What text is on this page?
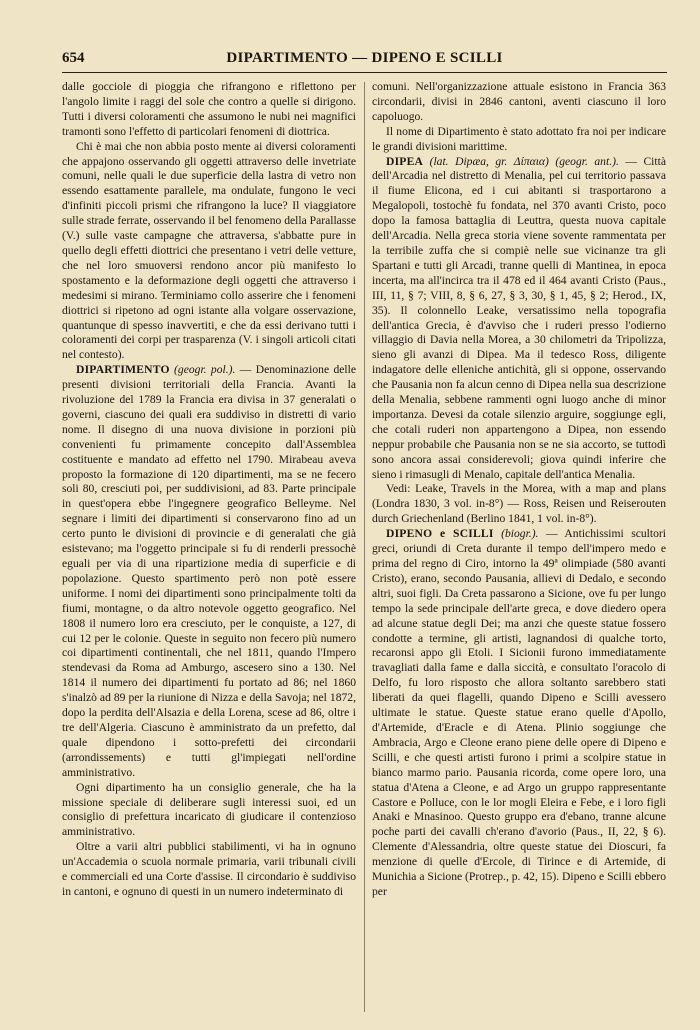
654	DIPARTIMENTO — DIPENO E SCILLI

dalle gocciole di pioggia che rifrangono e riflettono per l'angolo limite i raggi del sole che contro a quelle si dirigono. Tutti i diversi coloramenti che assumono le nubi nei magnifici tramonti sono l'effetto di particolari fenomeni di diottrica.

Chi è mai che non abbia posto mente ai diversi coloramenti che appajono osservando gli oggetti attraverso delle invetriate comuni, nelle quali le due superficie della lastra di vetro non essendo esattamente parallele, ma ondulate, fungono le veci d'infiniti piccoli prismi che rifrangono la luce? Il viaggiatore sulle strade ferrate, osservando il bel fenomeno della Parallasse (V.) sulle vaste campagne che attraversa, s'abbatte pure in quello degli effetti diottrici che presentano i vetri delle vetture, che nel loro smuoversi rendono ancor più manifesto lo spostamento e la deformazione degli oggetti che attraverso i medesimi si mirano. Terminiamo collo asserire che i fenomeni diottrici si ripetono ad ogni istante alla volgare osservazione, quantunque di spesso inavvertiti, e che da essi derivano tutti i coloramenti dei corpi per trasparenza (V. i singoli articoli citati nel contesto).

DIPARTIMENTO (geogr. pol.). — Denominazione delle presenti divisioni territoriali della Francia. Avanti la rivoluzione del 1789 la Francia era divisa in 37 generalati o governi, ciascuno dei quali era suddiviso in distretti di vario nome. Il disegno di una nuova divisione in porzioni più convenienti fu primamente concepito dall'Assemblea costituente e mandato ad effetto nel 1790. Mirabeau aveva proposto la formazione di 120 dipartimenti, ma se ne fecero soli 80, cresciuti poi, per suddivisioni, ad 83. Parte principale in quest'opera ebbe l'ingegnere geografico Belleyme. Nel segnare i limiti dei dipartimenti si conservarono fino ad un certo punto le divisioni di provincie e di generalati che già esistevano; ma l'oggetto principale si fu di renderli pressochè eguali per via di una ripartizione media di superficie e di popolazione. Questo spartimento però non potè essere uniforme. I nomi dei dipartimenti sono principalmente tolti da fiumi, montagne, o da altro notevole oggetto geografico. Nel 1808 il numero loro era cresciuto, per le conquiste, a 127, di cui 12 per le colonie. Queste in seguito non fecero più numero coi dipartimenti continentali, che nel 1811, quando l'Impero stendevasi da Roma ad Amburgo, ascesero sino a 130. Nel 1814 il numero dei dipartimenti fu portato ad 86; nel 1860 s'inalzò ad 89 per la riunione di Nizza e della Savoja; nel 1872, dopo la perdita dell'Alsazia e della Lorena, scese ad 86, oltre i tre dell'Algeria. Ciascuno è amministrato da un prefetto, dal quale dipendono i sotto-prefetti dei circondarii (arrondissements) e tutti gl'impiegati nell'ordine amministrativo.

Ogni dipartimento ha un consiglio generale, che ha la missione speciale di deliberare sugli interessi suoi, ed un consiglio di prefettura incaricato di giudicare il contenzioso amministrativo.

Oltre a varii altri pubblici stabilimenti, vi ha in ognuno un'Accademia o scuola normale primaria, varii tribunali civili e commerciali ed una Corte d'assise. Il circondario è suddiviso in cantoni, e ognuno di questi in un numero indeterminato di

comuni. Nell'organizzazione attuale esistono in Francia 363 circondarii, divisi in 2846 cantoni, aventi ciascuno il loro capoluogo.

Il nome di Dipartimento è stato adottato fra noi per indicare le grandi divisioni marittime.

DIPEA (lat. Dipæa, gr. Δίπαια) (geogr. ant.). — Città dell'Arcadia nel distretto di Menalia, pel cui territorio passava il fiume Elicona, ed i cui abitanti si trasportarono a Megalopoli, tostochè fu fondata, nel 370 avanti Cristo, poco dopo la famosa battaglia di Leuttra, questa nuova capitale dell'Arcadia. Nella greca storia viene sovente rammentata per la terribile zuffa che si compiè nelle sue vicinanze tra gli Spartani e tutti gli Arcadi, tranne quelli di Mantinea, in epoca incerta, ma all'incirca tra il 478 ed il 464 avanti Cristo (Paus., III, 11, § 7; VIII, 8, § 6, 27, § 3, 30, § 1, 45, § 2; Herod., IX, 35). Il colonnello Leake, versatissimo nella topografia dell'antica Grecia, è d'avviso che i ruderi presso l'odierno villaggio di Davia nella Morea, a 30 chilometri da Tripolizza, sieno gli avanzi di Dipea. Ma il tedesco Ross, diligente indagatore delle elleniche antichità, gli si oppone, osservando che Pausania non fa alcun cenno di Dipea nella sua descrizione della Menalia, sebbene rammenti ogni luogo anche di minor importanza. Devesi da cotale silenzio arguire, soggiunge egli, che cotali ruderi non appartengono a Dipea, non essendo neppur probabile che Pausania non se ne sia accorto, se tuttodì sono ancora assai considerevoli; giova quindi inferire che sieno i rimasugli di Menalo, capitale dell'antica Menalia.

Vedi: Leake, Travels in the Morea, with a map and plans (Londra 1830, 3 vol. in-8°) — Ross, Reisen und Reiserouten durch Griechenland (Berlino 1841, 1 vol. in-8°).

DIPENO e SCILLI (biogr.). — Antichissimi scultori greci, oriundi di Creta durante il tempo dell'impero medo e prima del regno di Ciro, intorno la 49ª olimpiade (580 avanti Cristo), erano, secondo Pausania, allievi di Dedalo, e secondo altri, suoi figli. Da Creta passarono a Sicione, ove fu per lungo tempo la sede principale dell'arte greca, e dove diedero opera ad alcune statue degli Dei; ma anzi che queste statue fossero condotte a termine, gli artisti, lagnandosi di qualche torto, recaronsi appo gli Etoli. I Sicionii furono immediatamente travagliati dalla fame e dalla siccità, e consultato l'oracolo di Delfo, fu loro risposto che allora soltanto sarebbero stati liberati da quei flagelli, quando Dipeno e Scilli avessero ultimate le statue. Queste statue erano quelle d'Apollo, d'Artemide, d'Eracle e di Atena. Plinio soggiunge che Ambracia, Argo e Cleone erano piene delle opere di Dipeno e Scilli, e che questi artisti furono i primi a scolpire statue in bianco marmo pario. Pausania ricorda, come opere loro, una statua d'Atena a Cleone, e ad Argo un gruppo rappresentante Castore e Polluce, con le lor mogli Eleira e Febe, e i loro figli Anaki e Mnasinoo. Questo gruppo era d'ebano, tranne alcune poche parti dei cavalli ch'erano d'avorio (Paus., II, 22, § 6). Clemente d'Alessandria, oltre queste statue dei Dioscuri, fa menzione di quelle d'Ercole, di Tirince e di Artemide, di Munichia a Sicione (Protrep., p. 42, 15). Dipeno e Scilli ebbero per
